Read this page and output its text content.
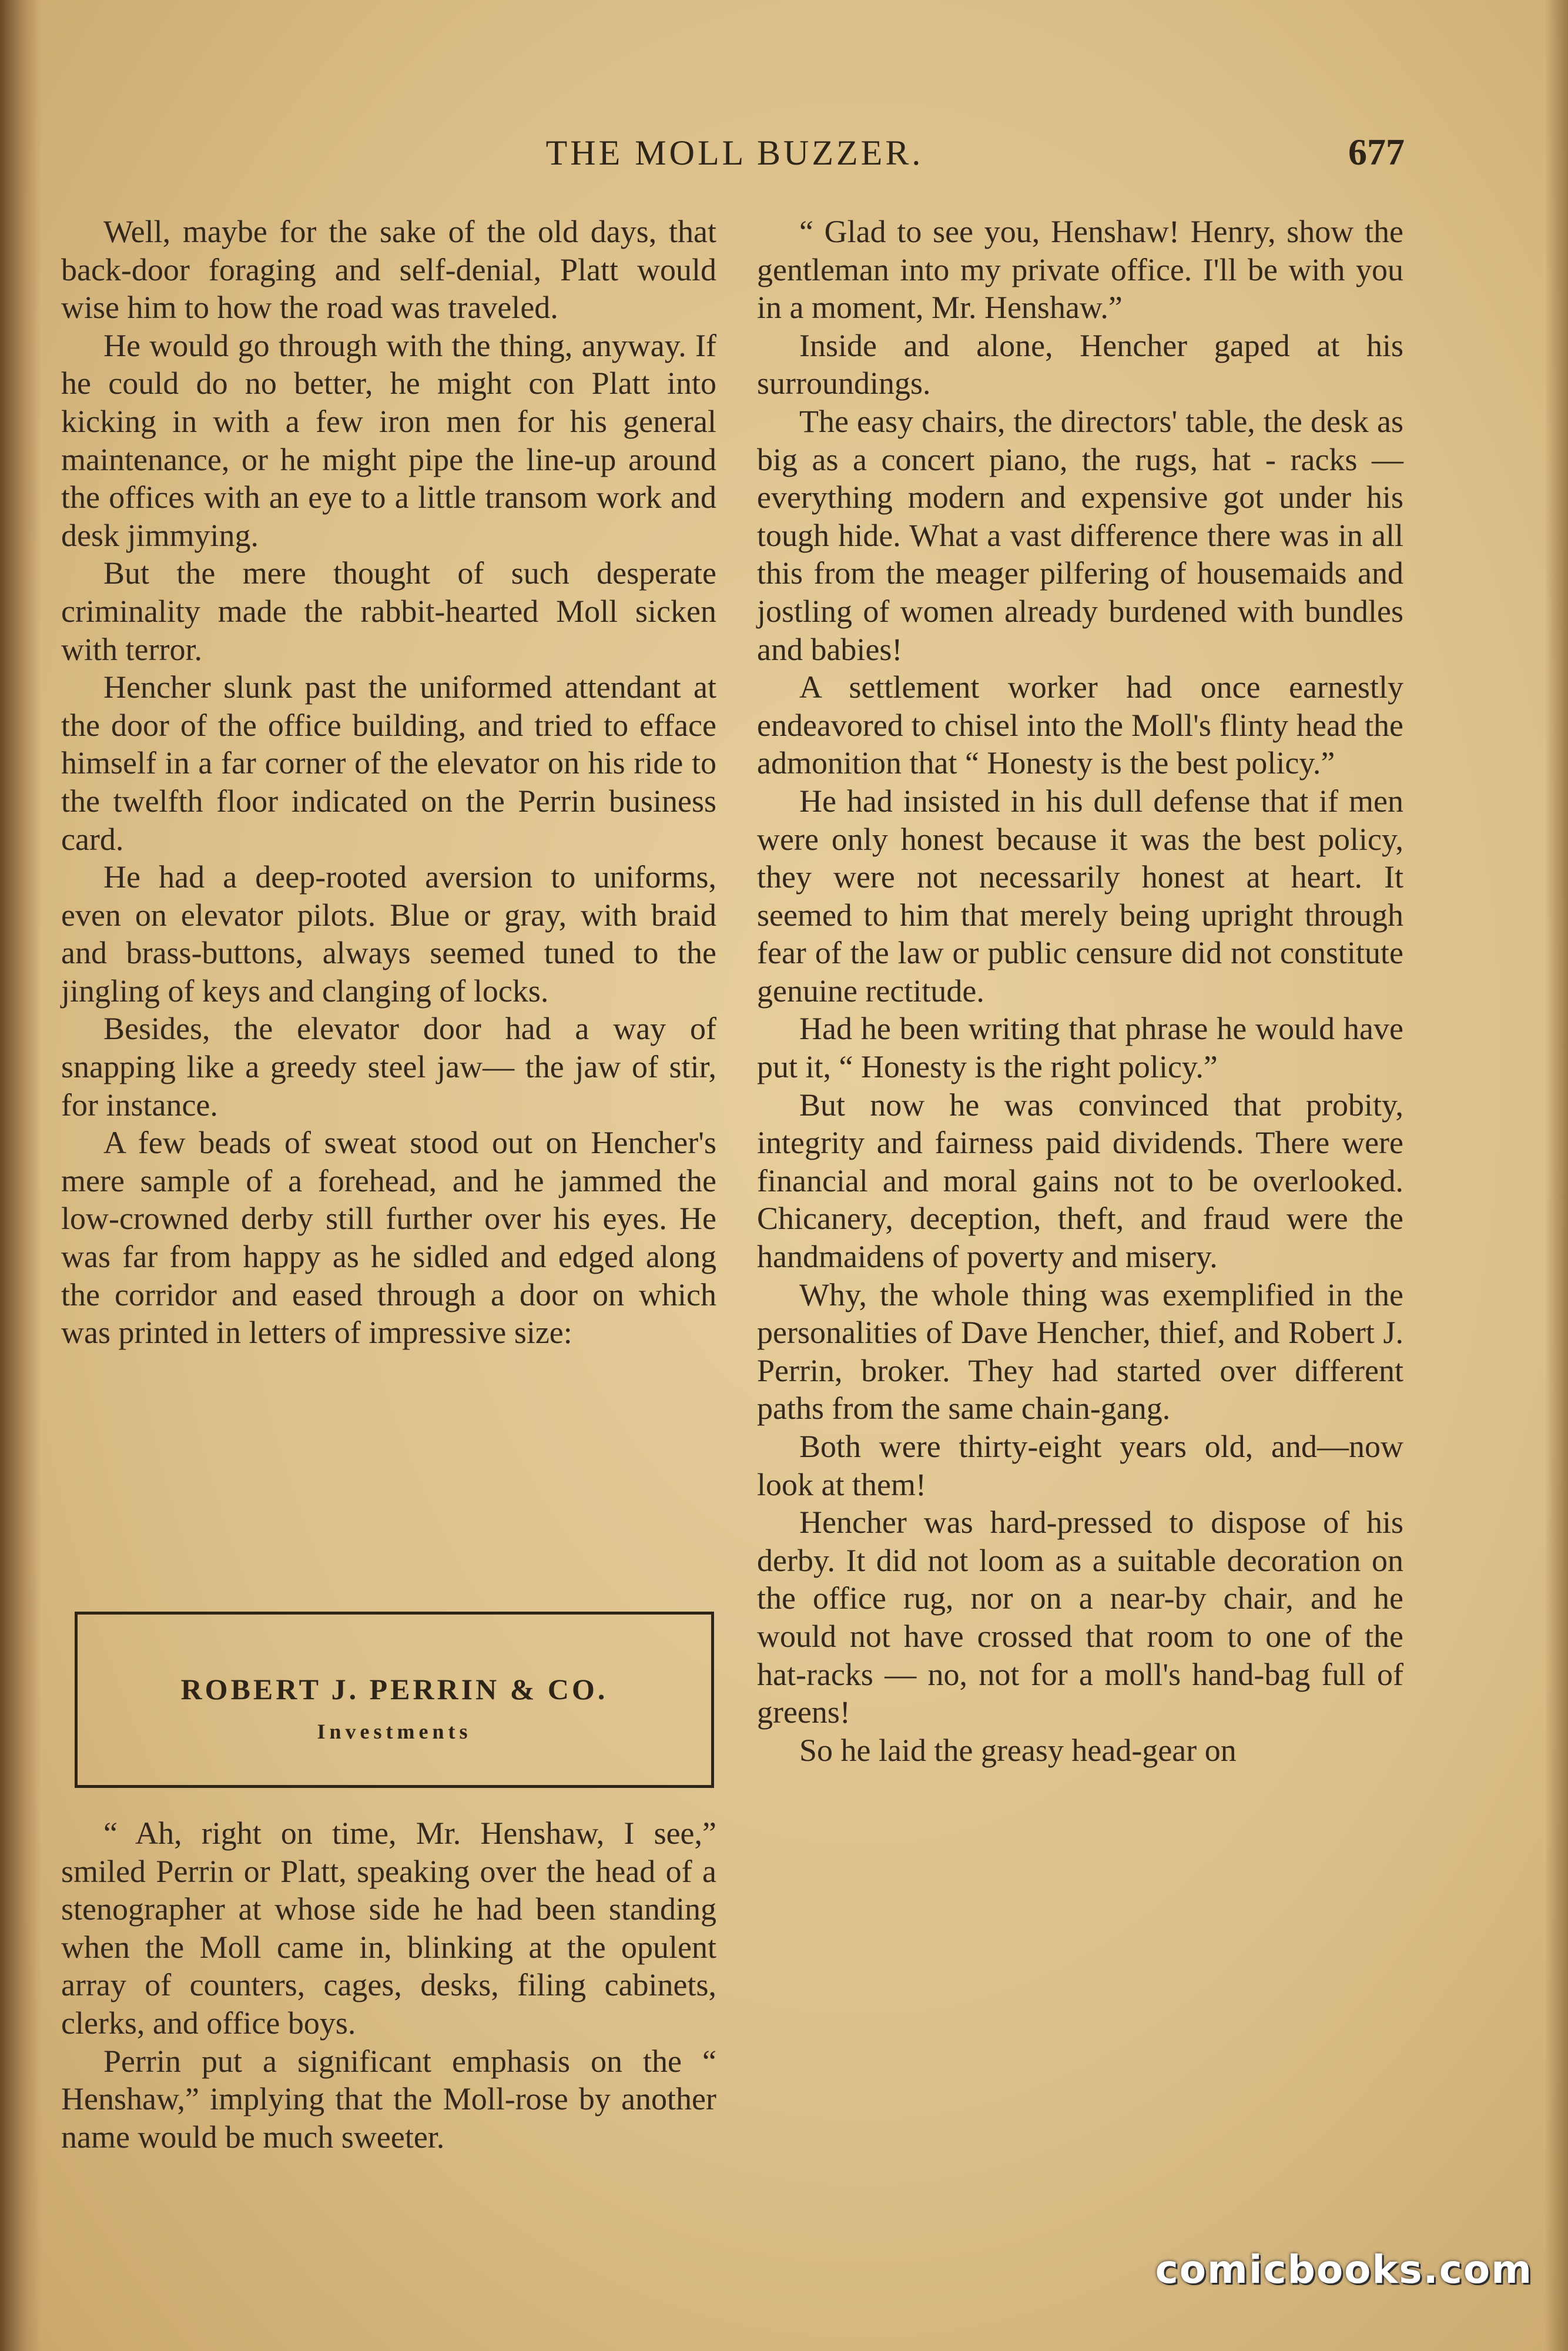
THE MOLL BUZZER.	677

Well, maybe for the sake of the old days, that back-door foraging and self-denial, Platt would wise him to how the road was traveled.

He would go through with the thing, anyway. If he could do no better, he might con Platt into kicking in with a few iron men for his general maintenance, or he might pipe the line-up around the offices with an eye to a little transom work and desk jimmying.

But the mere thought of such desperate criminality made the rabbit-hearted Moll sicken with terror.

Hencher slunk past the uniformed attendant at the door of the office building, and tried to efface himself in a far corner of the elevator on his ride to the twelfth floor indicated on the Perrin business card.

He had a deep-rooted aversion to uniforms, even on elevator pilots. Blue or gray, with braid and brass-buttons, always seemed tuned to the jingling of keys and clanging of locks.

Besides, the elevator door had a way of snapping like a greedy steel jaw— the jaw of stir, for instance.

A few beads of sweat stood out on Hencher's mere sample of a forehead, and he jammed the low-crowned derby still further over his eyes. He was far from happy as he sidled and edged along the corridor and eased through a door on which was printed in letters of impressive size:

ROBERT J. PERRIN & CO.
Investments

“ Ah, right on time, Mr. Henshaw, I see,” smiled Perrin or Platt, speaking over the head of a stenographer at whose side he had been standing when the Moll came in, blinking at the opulent array of counters, cages, desks, filing cabinets, clerks, and office boys.

Perrin put a significant emphasis on the “ Henshaw,” implying that the Moll-rose by another name would be much sweeter.

“ Glad to see you, Henshaw! Henry, show the gentleman into my private office. I'll be with you in a moment, Mr. Henshaw.”

Inside and alone, Hencher gaped at his surroundings.

The easy chairs, the directors' table, the desk as big as a concert piano, the rugs, hat - racks — everything modern and expensive got under his tough hide. What a vast difference there was in all this from the meager pilfering of housemaids and jostling of women already burdened with bundles and babies!

A settlement worker had once earnestly endeavored to chisel into the Moll's flinty head the admonition that “ Honesty is the best policy.”

He had insisted in his dull defense that if men were only honest because it was the best policy, they were not necessarily honest at heart. It seemed to him that merely being upright through fear of the law or public censure did not constitute genuine rectitude.

Had he been writing that phrase he would have put it, “ Honesty is the right policy.”

But now he was convinced that probity, integrity and fairness paid dividends. There were financial and moral gains not to be overlooked. Chicanery, deception, theft, and fraud were the handmaidens of poverty and misery.

Why, the whole thing was exemplified in the personalities of Dave Hencher, thief, and Robert J. Perrin, broker. They had started over different paths from the same chain-gang.

Both were thirty-eight years old, and—now look at them!

Hencher was hard-pressed to dispose of his derby. It did not loom as a suitable decoration on the office rug, nor on a near-by chair, and he would not have crossed that room to one of the hat-racks — no, not for a moll's hand-bag full of greens!

So he laid the greasy head-gear on

comicbooks.com
